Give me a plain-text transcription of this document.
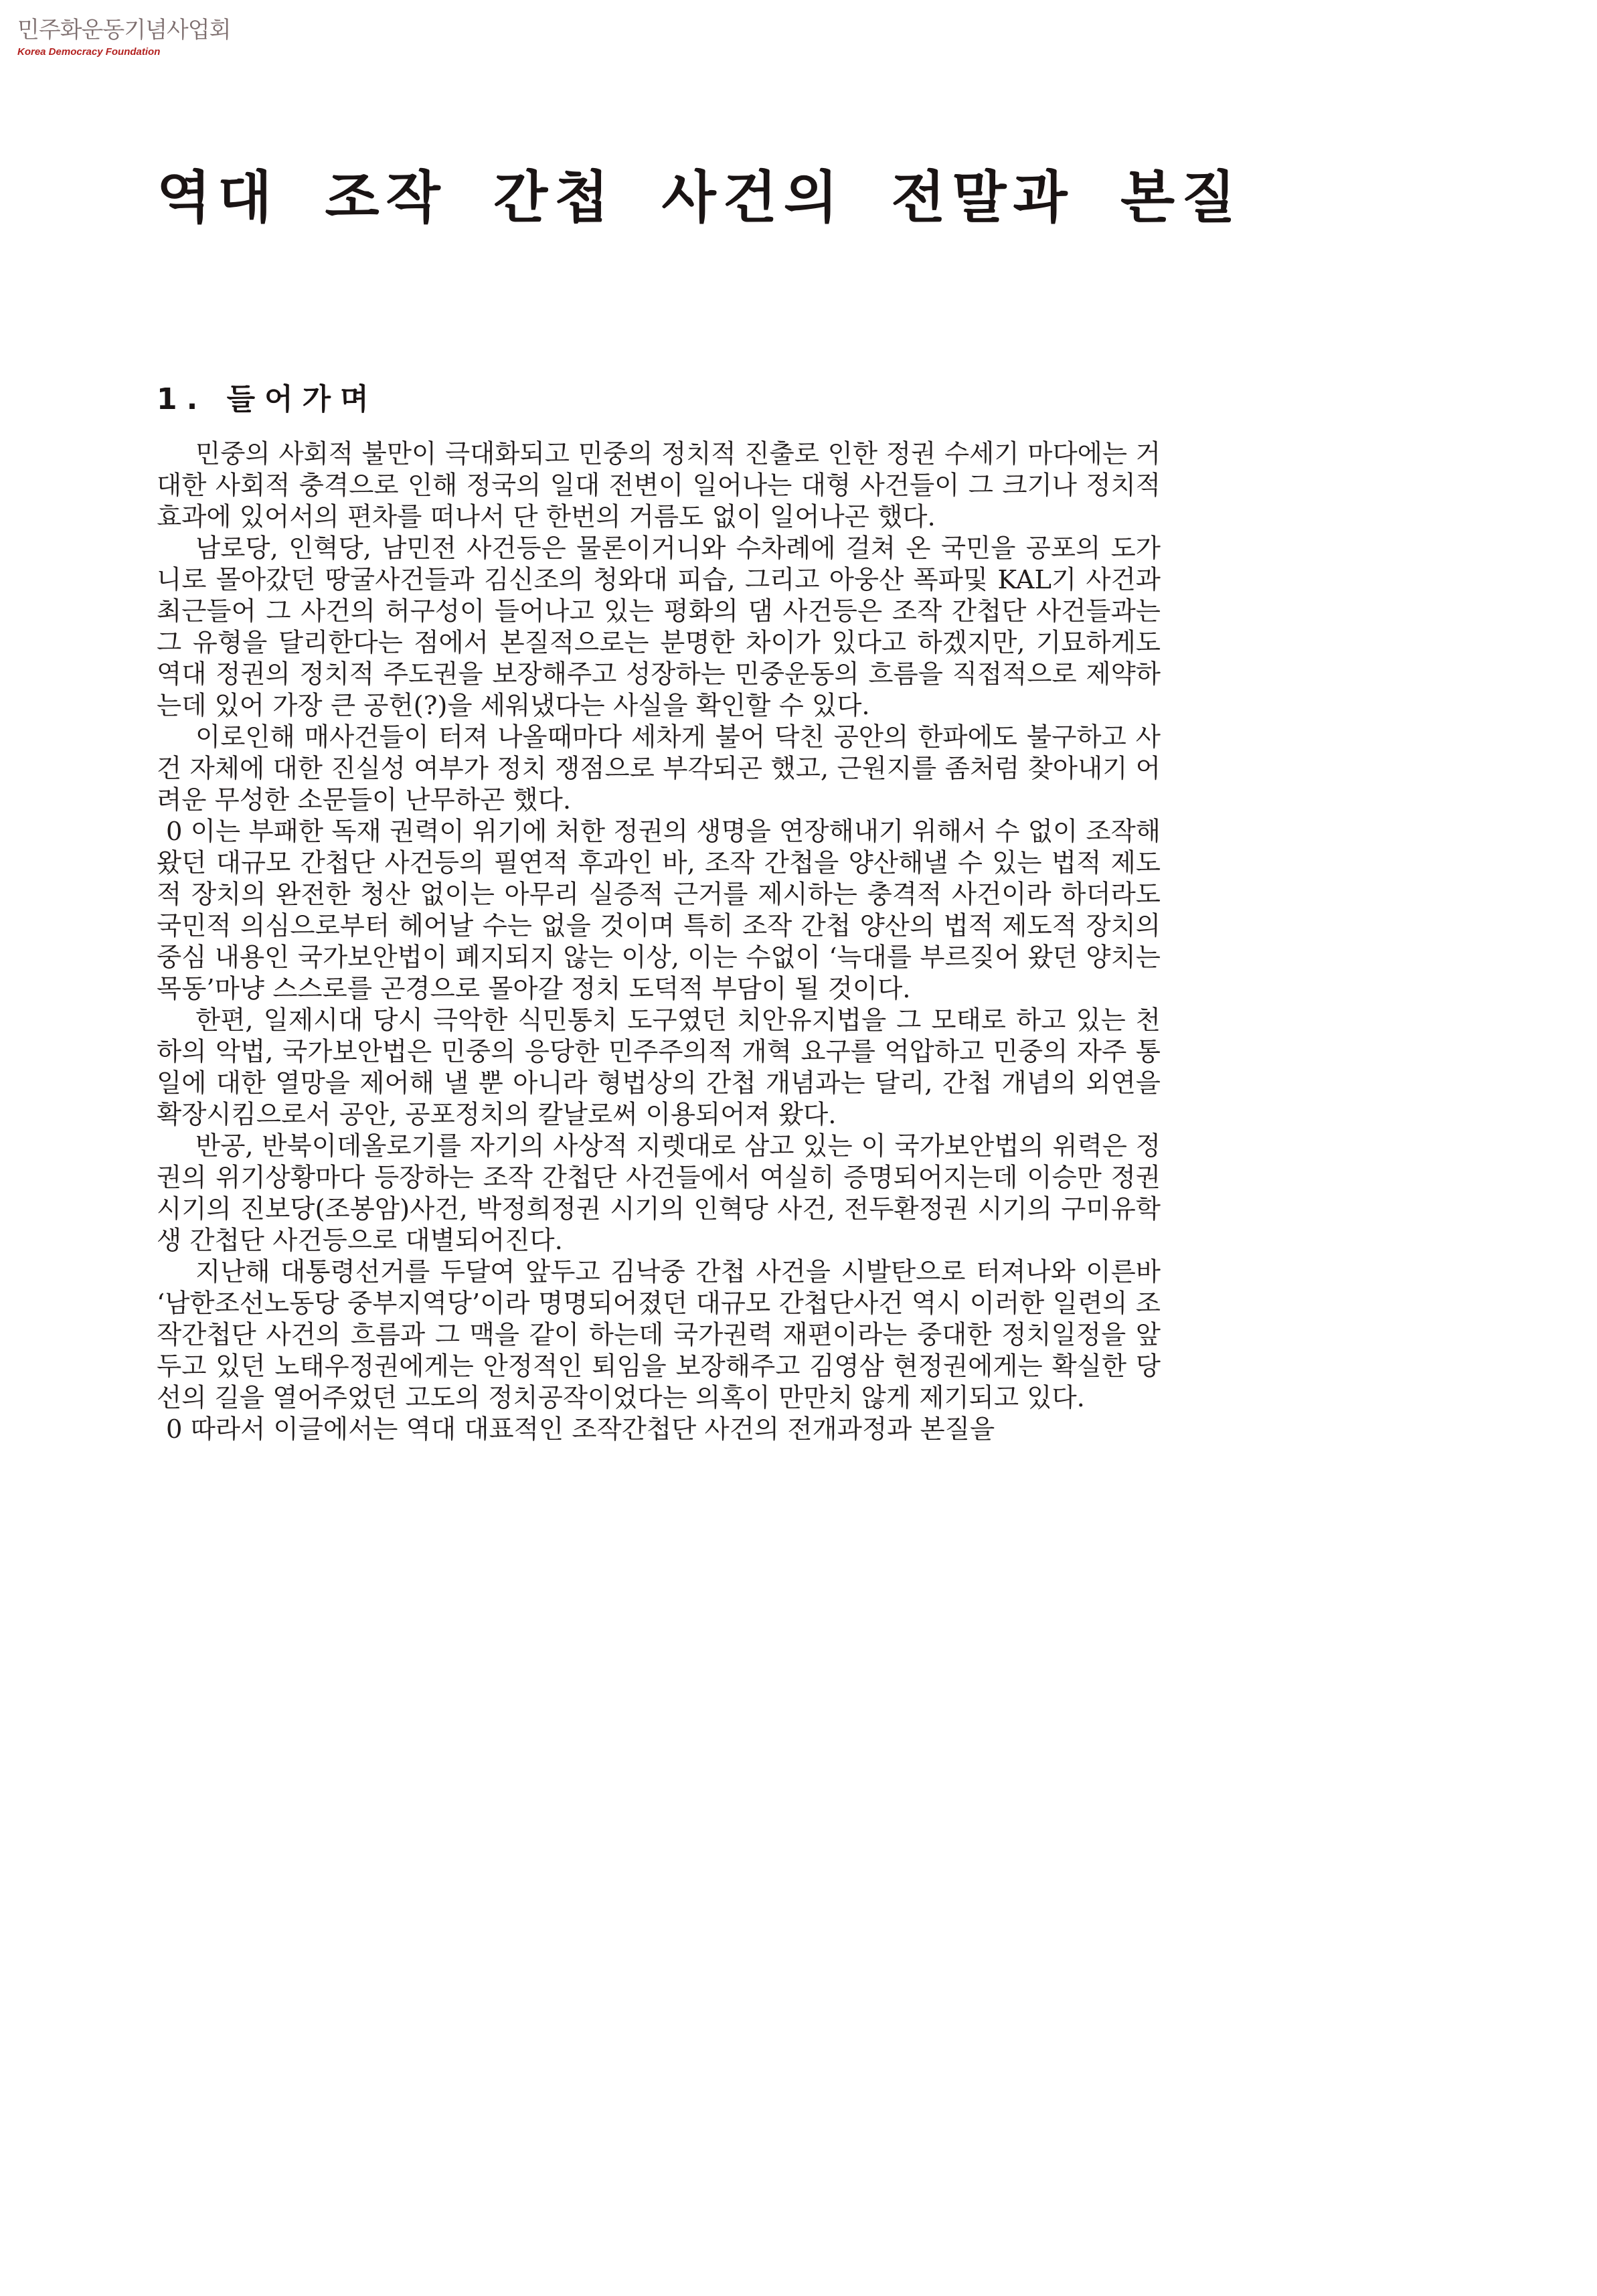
민주화운동기념사업회
Korea Democracy Foundation
역대 조작 간첩 사건의 전말과 본질
1. 들어가며

민중의 사회적 불만이 극대화되고 민중의 정치적 진출로 인한 정권 수세기 마다에는 거대한 사회적 충격으로 인해 정국의 일대 전변이 일어나는 대형 사건들이 그 크기나 정치적 효과에 있어서의 편차를 떠나서 단 한번의 거름도 없이 일어나곤 했다.

남로당, 인혁당, 남민전 사건등은 물론이거니와 수차례에 걸쳐 온 국민을 공포의 도가니로 몰아갔던 땅굴사건들과 김신조의 청와대 피습, 그리고 아웅산 폭파및 KAL기 사건과 최근들어 그 사건의 허구성이 들어나고 있는 평화의 댐 사건등은 조작 간첩단 사건들과는 그 유형을 달리한다는 점에서 본질적으로는 분명한 차이가 있다고 하겠지만, 기묘하게도 역대 정권의 정치적 주도권을 보장해주고 성장하는 민중운동의 흐름을 직접적으로 제약하는데 있어 가장 큰 공헌(?)을 세워냈다는 사실을 확인할 수 있다.

이로인해 매사건들이 터져 나올때마다 세차게 불어 닥친 공안의 한파에도 불구하고 사건 자체에 대한 진실성 여부가 정치 쟁점으로 부각되곤 했고, 근원지를 좀처럼 찾아내기 어려운 무성한 소문들이 난무하곤 했다.

0 이는 부패한 독재 권력이 위기에 처한 정권의 생명을 연장해내기 위해서 수 없이 조작해 왔던 대규모 간첩단 사건등의 필연적 후과인 바, 조작 간첩을 양산해낼 수 있는 법적 제도적 장치의 완전한 청산 없이는 아무리 실증적 근거를 제시하는 충격적 사건이라 하더라도 국민적 의심으로부터 헤어날 수는 없을 것이며 특히 조작 간첩 양산의 법적 제도적 장치의 중심 내용인 국가보안법이 폐지되지 않는 이상, 이는 수없이 ‘늑대를 부르짖어 왔던 양치는 목동’마냥 스스로를 곤경으로 몰아갈 정치 도덕적 부담이 될 것이다.

한편, 일제시대 당시 극악한 식민통치 도구였던 치안유지법을 그 모태로 하고 있는 천하의 악법, 국가보안법은 민중의 응당한 민주주의적 개혁 요구를 억압하고 민중의 자주 통일에 대한 열망을 제어해 낼 뿐 아니라 형법상의 간첩 개념과는 달리, 간첩 개념의 외연을 확장시킴으로서 공안, 공포정치의 칼날로써 이용되어져 왔다.

반공, 반북이데올로기를 자기의 사상적 지렛대로 삼고 있는 이 국가보안법의 위력은 정권의 위기상황마다 등장하는 조작 간첩단 사건들에서 여실히 증명되어지는데 이승만 정권 시기의 진보당(조봉암)사건, 박정희정권 시기의 인혁당 사건, 전두환정권 시기의 구미유학생 간첩단 사건등으로 대별되어진다.

지난해 대통령선거를 두달여 앞두고 김낙중 간첩 사건을 시발탄으로 터져나와 이른바 ‘남한조선노동당 중부지역당’이라 명명되어졌던 대규모 간첩단사건 역시 이러한 일련의 조작간첩단 사건의 흐름과 그 맥을 같이 하는데 국가권력 재편이라는 중대한 정치일정을 앞두고 있던 노태우정권에게는 안정적인 퇴임을 보장해주고 김영삼 현정권에게는 확실한 당선의 길을 열어주었던 고도의 정치공작이었다는 의혹이 만만치 않게 제기되고 있다.

0 따라서 이글에서는 역대 대표적인 조작간첩단 사건의 전개과정과 본질을
